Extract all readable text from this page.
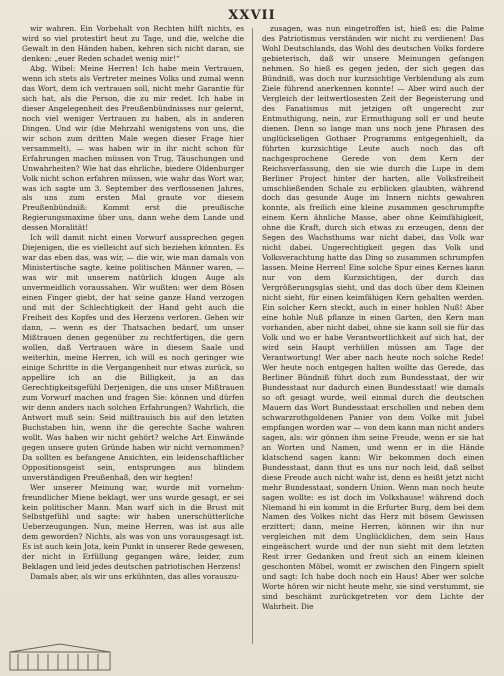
XXVII

wir wahren. Ein Vorbehalt von Rechten hilft nichts, es wird so viel protestirt heut zu Tage, und die, welche die Gewalt in den Händen haben, kehren sich nicht daran, sie denken: „euer Reden schadet wenig mir!“

Abg. Wibel: Meine Herren! Ich habe mein Vertrauen, wenn ich stets als Vertreter meines Volks und zumal wenn das Wort, dem ich vertrauen soll, nicht mehr Garantie für sich hat, als die Person, die zu mir redet. Ich habe in dieser Angelegenheit des Preußenbündnisses nur gelernt, noch viel weniger Vertrauen zu haben, als in anderen Dingen. Und wir (die Mehrzahl wenigstens von uns, die wir schon zum dritten Male wegen dieser Frage hier versammelt), — was haben wir in ihr nicht schon für Erfahrungen machen müssen von Trug, Täuschungen und Unwahrheiten? Wie hat das ehrliche, biedere Oldenburger Volk nicht schon erfahren müssen, wie wahr das Wort war, was ich sagte um 3. September des verflossenen Jahres, als uns zum ersten Mal graute vor diesem Preußenbündniß: Kommt erst die preußische Regierungsmaxime über uns, dann wehe dem Lande und dessen Moralität!

Ich will damit nicht einen Vorwurf aussprechen gegen Diejenigen, die es vielleicht auf sich beziehen könnten. Es war das eben das, was wir, — die wir, wie man damals von Ministertische sagte, keine politischen Männer waren, — was wir mit unserem natürlich klugen Auge als unvermeidlich voraussahen. Wir wußten: wer dem Bösen einen Finger giebt, der hat seine ganze Hand verzogen und mit der Schlechtigkeit der Hand geht auch die Freiheit des Kopfes und des Herzens verloren. Gehen wir dann, — wenn es der Thatsachen bedarf, um unser Mißtrauen denen gegenüber zu rechtfertigen, die gern wollen, daß Vertrauen wäre in diesem Saale und weiterhin, meine Herren, ich will es noch geringer wie einige Schritte in die Vergangenheit nur etwas zurück, so appellire ich an die Billigkeit, ja an das Gerechtigkeitsgefühl Derjenigen, die uns unser Mißtrauen zum Vorwurf machen und fragen Sie: können und dürfen wir denn anders nach solchen Erfahrungen? Wahrlich, die Antwort muß sein: Seid mißtrauisch bis auf den letzten Buchstaben hin, wenn ihr die gerechte Sache wahren wollt. Was haben wir nicht gehört? welche Art Einwände gegen unsere guten Gründe haben wir nicht vernommen? Da sollten es befangene Ansichten, ein leidenschaftlicher Oppositionsgeist sein, entsprungen aus blindem unverständigen Preußenhaß, den wir hegten!

Wer unserer Meinung war, wurde mit vornehm-freundlicher Miene beklagt, wer uns wurde gesagt, er sei kein politischer Mann. Man warf sich in die Brust mit Selbstgefühl und sagte: wir haben unerschütterliche Ueberzeugungen. Nun, meine Herren, was ist aus alle dem geworden? Nichts, als was von uns vorausgesagt ist. Es ist auch kein Jota, kein Punkt in unserer Rede gewesen, der nicht in Erfüllung gegangen wäre, leider, zum Beklagen und leid jedes deutschen patriotischen Herzens!

Damals aber, als wir uns erkühnten, das alles vorauszu-

zusagen, was nun eingetroffen ist, hieß es: die Palme des Patriotismus verständen wir nicht zu verdienen! Das Wohl Deutschlands, das Wohl des deutschen Volks fordere gebieterisch, daß wir unsere Meinungen gefangen nehmen. So hieß es gegen jeden, der sich gegen das Bündniß, was doch nur kurzsichtige Verblendung als zum Ziele führend anerkennen konnte! — Aber wird auch der Vergleich der leitwertlosesten Zeit der Begeisterung und des Fanatismus mit jetzigen oft ungerecht zur Entmuthigung, nein, zur Ermuthigung soll er und heute dienen. Denn so lange man uns noch jene Phrasen des unglückseligen Gothaer Programms entgegenhielt, da führten kurzsichtige Leute auch noch das oft nachgesprochene Gerede von dem Kern der Reichsverfassung, den sie wie durch die Lupe in dem Berliner Project hinter der harten, alle Volksfreiheit umschließenden Schale zu erblicken glaubten, während doch das gesunde Auge im Innern nichts gewahren konnte, als freilich eine kleine zusammen geschrumpfte einem Kern ähnliche Masse, aber ohne Keimfähigkeit, ohne die Kraft, durch sich etwas zu erzeugen, denn der Segen des Wachsthums war nicht dabei, das Volk war nicht dabei. Ungerechtigkeit gegen das Volk und Volksverachtung hatte das Ding so zusammen schrumpfen lassen. Meine Herren! Eine solche Spur eines Kernes kann nur von dem Kurzsichtigen, der durch das Vergrößerungsglas sieht, und das doch über dem Kleinen nicht sieht, für einen keimfähigen Kern gehalten werden. Ein solcher Kern steckt, auch in einer hohlen Nuß! Aber eine hohle Nuß pflanze in einen Garten, den Kern man vorhanden, aber nicht dabei, ohne sie kann soll sie für das Volk und wo er habe Verantwortlichkeit auf sich hat, der wird sein Haupt verhüllen müssen am Tage der Verantwortung! Wer aber nach heute noch solche Rede! Wer heute noch entgegen halten wollte das Gerede, das Berliner Bündniß führt doch zum Bundesstaat, der wir Bundesstaat nur dadurch einen Bundesstaat! wie damals so oft gesagt wurde, weil einmal durch die deutschen Mauern das Wort Bundesstaat erschollen und neben dem schwarzrothgoldenen Panier von dem Volke mit Jubel empfangen worden war — von dem kann man nicht anders sagen, als: wir gönnen ihm seine Freude, wenn er sie hat an Worten und Namen, und wenn er in die Hände klatschend sagen kann: Wir bekommen doch einen Bundesstaat, dann thut es uns nur noch leid, daß selbst diese Freude auch nicht wahr ist, denn es heißt jetzt nicht mehr Bundesstaat, sondern Union. Wenn man noch heute sagen wollte: es ist doch im Volkshause! während doch Niemand hi ein kommt in die Erfurter Burg, dem bei dem Namen des Volkes nicht das Herz mit bösem Gewissen erzittert; dann, meine Herren, können wir ihn nur vergleichen mit dem Unglücklichen, dem sein Haus eingeäschert wurde und der nun sieht mit dem letzten Rest irrer Gedanken und freut sich an einem kleinen geschonten Möbel, womit er zwischen den Fingern spielt und sagt: Ich habe doch noch ein Haus! Aber wer solche Worte hören wir nicht heute mehr, sie sind verstummt, sie sind beschämt zurückgetreten vor dem Lichte der Wahrheit. Die
